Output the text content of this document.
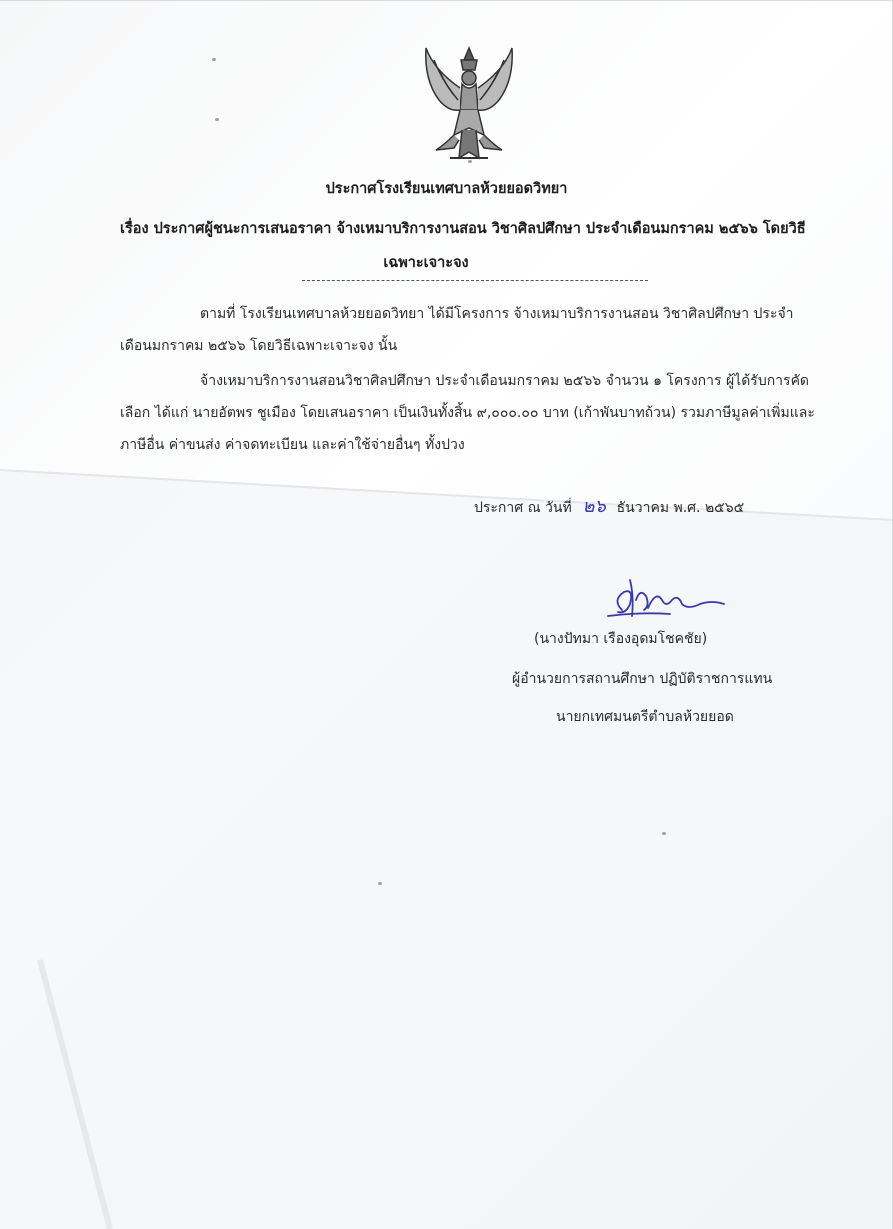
ประกาศโรงเรียนเทศบาลห้วยยอดวิทยา
เรื่อง ประกาศผู้ชนะการเสนอราคา จ้างเหมาบริการงานสอน วิชาศิลปศึกษา ประจำเดือนมกราคม ๒๕๖๖ โดยวิธี
เฉพาะเจาะจง
ตามที่ โรงเรียนเทศบาลห้วยยอดวิทยา ได้มีโครงการ จ้างเหมาบริการงานสอน วิชาศิลปศึกษา ประจำเดือนมกราคม ๒๕๖๖ โดยวิธีเฉพาะเจาะจง นั้น
จ้างเหมาบริการงานสอนวิชาศิลปศึกษา ประจำเดือนมกราคม ๒๕๖๖ จำนวน ๑ โครงการ ผู้ได้รับการคัดเลือก ได้แก่ นายอัตพร ชูเมือง โดยเสนอราคา เป็นเงินทั้งสิ้น ๙,๐๐๐.๐๐ บาท (เก้าพันบาทถ้วน) รวมภาษีมูลค่าเพิ่มและภาษีอื่น ค่าขนส่ง ค่าจดทะเบียน และค่าใช้จ่ายอื่นๆ ทั้งปวง
ประกาศ ณ วันที่ ๒๖ ธันวาคม พ.ศ. ๒๕๖๕
(นางปัทมา เรืองอุดมโชคชัย)
ผู้อำนวยการสถานศึกษา ปฏิบัติราชการแทน
นายกเทศมนตรีตำบลห้วยยอด
